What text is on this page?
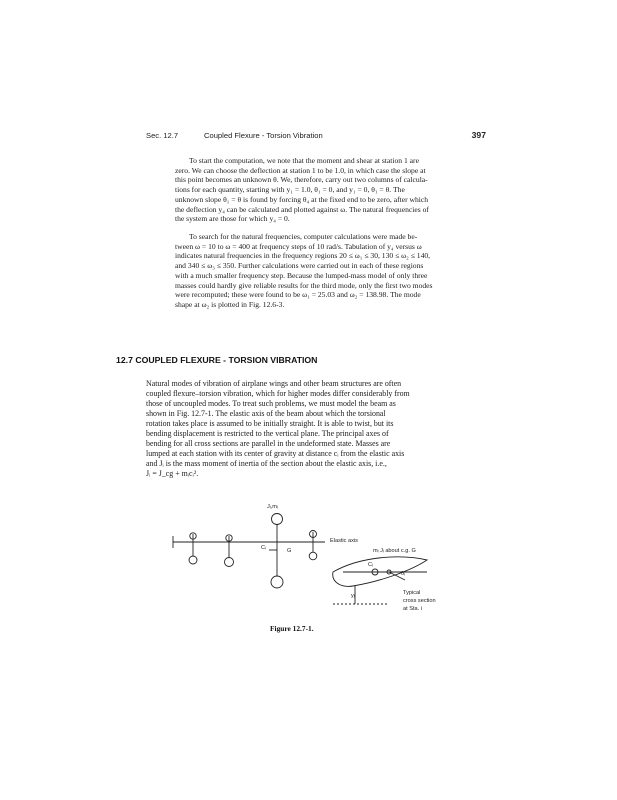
Sec. 12.7	Coupled Flexure - Torsion Vibration	397
To start the computation, we note that the moment and shear at station 1 are
zero. We can choose the deflection at station 1 to be 1.0, in which case the slope at
this point becomes an unknown θ. We, therefore, carry out two columns of calcula-
tions for each quantity, starting with y₁ = 1.0, θ₁ = 0, and y₁ = 0, θ₁ = θ. The
unknown slope θ₁ = θ is found by forcing θ₄ at the fixed end to be zero, after which
the deflection y₄ can be calculated and plotted against ω. The natural frequencies of
the system are those for which y₄ = 0.
To search for the natural frequencies, computer calculations were made be-
tween ω = 10 to ω = 400 at frequency steps of 10 rad/s. Tabulation of y₄ versus ω
indicates natural frequencies in the frequency regions 20 ≤ ω₁ ≤ 30, 130 ≤ ω₂ ≤ 140,
and 340 ≤ ω₃ ≤ 350. Further calculations were carried out in each of these regions
with a much smaller frequency step. Because the lumped-mass model of only three
masses could hardly give reliable results for the third mode, only the first two modes
were recomputed; these were found to be ω₁ = 25.03 and ω₂ = 138.98. The mode
shape at ω₂ is plotted in Fig. 12.6-3.
12.7 COUPLED FLEXURE - TORSION VIBRATION
Natural modes of vibration of airplane wings and other beam structures are often
coupled flexure–torsion vibration, which for higher modes differ considerably from
those of uncoupled modes. To treat such problems, we must model the beam as
shown in Fig. 12.7-1. The elastic axis of the beam about which the torsional
rotation takes place is assumed to be initially straight. It is able to twist, but its
bending displacement is restricted to the vertical plane. The principal axes of
bending for all cross sections are parallel in the undeformed state. Masses are
lumped at each station with its center of gravity at distance cᵢ from the elastic axis
and Jᵢ is the mass moment of inertia of the section about the elastic axis, i.e.,
Jᵢ = J_cg + mᵢcᵢ².
Jᵢ,mᵢ
Cᵢ	G
Elastic axis
mᵢ Jᵢ about c.g. G
Cᵢ
θᵢ
yᵢ	Typical
cross section
at Sta. i
Figure 12.7-1.
